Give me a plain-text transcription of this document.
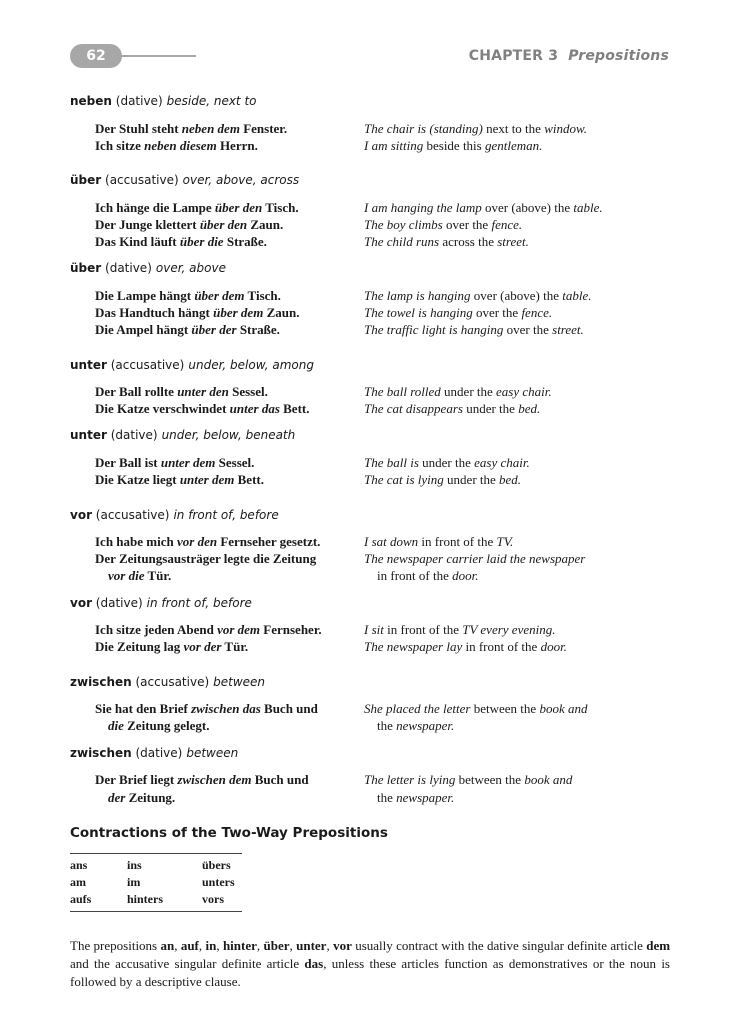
62	CHAPTER 3 Prepositions
neben (dative) beside, next to
Der Stuhl steht neben dem Fenster.	The chair is (standing) next to the window.
Ich sitze neben diesem Herrn.	I am sitting beside this gentleman.
über (accusative) over, above, across
Ich hänge die Lampe über den Tisch.	I am hanging the lamp over (above) the table.
Der Junge klettert über den Zaun.	The boy climbs over the fence.
Das Kind läuft über die Straße.	The child runs across the street.
über (dative) over, above
Die Lampe hängt über dem Tisch.	The lamp is hanging over (above) the table.
Das Handtuch hängt über dem Zaun.	The towel is hanging over the fence.
Die Ampel hängt über der Straße.	The traffic light is hanging over the street.
unter (accusative) under, below, among
Der Ball rollte unter den Sessel.	The ball rolled under the easy chair.
Die Katze verschwindet unter das Bett.	The cat disappears under the bed.
unter (dative) under, below, beneath
Der Ball ist unter dem Sessel.	The ball is under the easy chair.
Die Katze liegt unter dem Bett.	The cat is lying under the bed.
vor (accusative) in front of, before
Ich habe mich vor den Fernseher gesetzt.	I sat down in front of the TV.
Der Zeitungsausträger legte die Zeitung	The newspaper carrier laid the newspaper
vor die Tür.	in front of the door.
vor (dative) in front of, before
Ich sitze jeden Abend vor dem Fernseher.	I sit in front of the TV every evening.
Die Zeitung lag vor der Tür.	The newspaper lay in front of the door.
zwischen (accusative) between
Sie hat den Brief zwischen das Buch und	She placed the letter between the book and
die Zeitung gelegt.	the newspaper.
zwischen (dative) between
Der Brief liegt zwischen dem Buch und	The letter is lying between the book and
der Zeitung.	the newspaper.
Contractions of the Two-Way Prepositions
ans	ins	übers
am	im	unters
aufs	hinters	vors

The prepositions an, auf, in, hinter, über, unter, vor usually contract with the dative singular definite article dem and the accusative singular definite article das, unless these articles function as demonstratives or the noun is followed by a descriptive clause.
